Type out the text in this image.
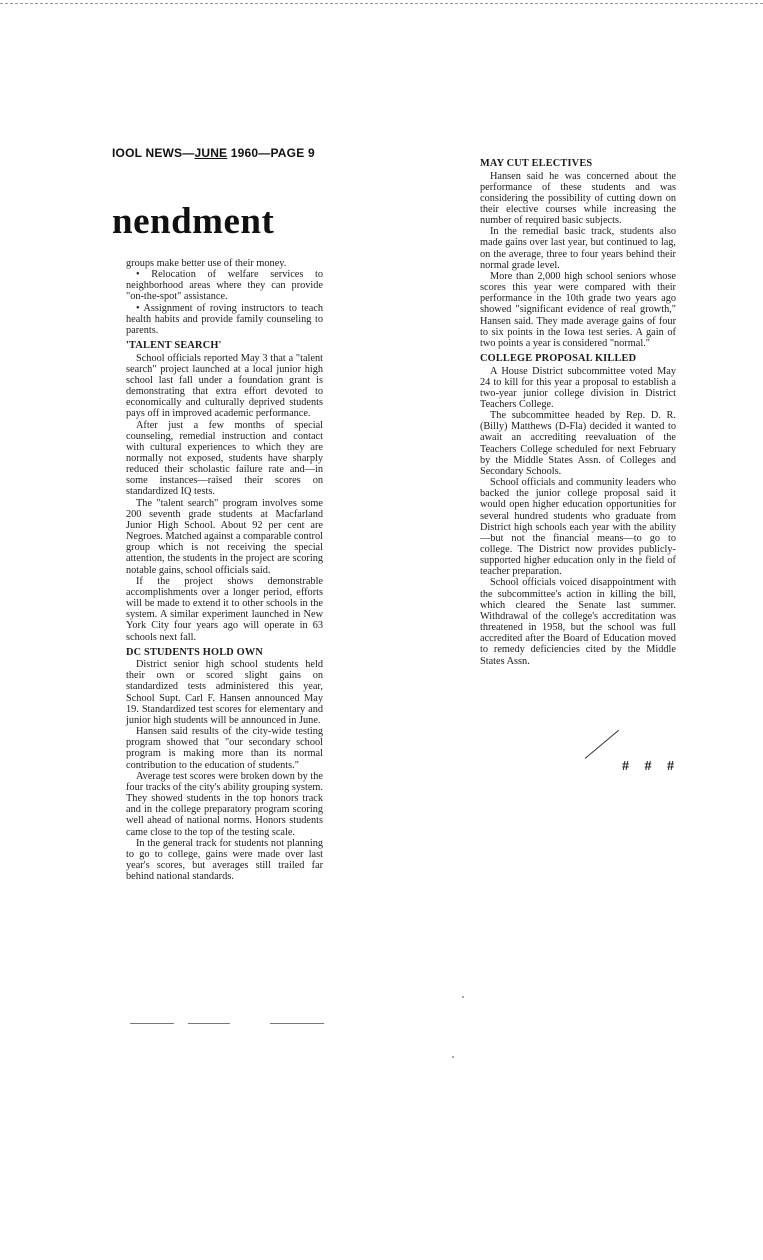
IOOL NEWS—JUNE 1960—PAGE 9
nendment

groups make better use of their money.

• Relocation of welfare services to neighborhood areas where they can provide "on-the-spot" assistance.

• Assignment of roving instructors to teach health habits and provide family counseling to parents.

'TALENT SEARCH'

School officials reported May 3 that a "talent search" project launched at a local junior high school last fall under a foundation grant is demonstrating that extra effort devoted to economically and culturally deprived students pays off in improved academic performance.

After just a few months of special counseling, remedial instruction and contact with cultural experiences to which they are normally not exposed, students have sharply reduced their scholastic failure rate and—in some instances—raised their scores on standardized IQ tests.

The "talent search" program involves some 200 seventh grade students at Macfarland Junior High School. About 92 per cent are Negroes. Matched against a comparable control group which is not receiving the special attention, the students in the project are scoring notable gains, school officials said.

If the project shows demonstrable accomplishments over a longer period, efforts will be made to extend it to other schools in the system. A similar experiment launched in New York City four years ago will operate in 63 schools next fall.

DC STUDENTS HOLD OWN

District senior high school students held their own or scored slight gains on standardized tests administered this year, School Supt. Carl F. Hansen announced May 19. Standardized test scores for elementary and junior high students will be announced in June.

Hansen said results of the city-wide testing program showed that "our secondary school program is making more than its normal contribution to the education of students."

Average test scores were broken down by the four tracks of the city's ability grouping system. They showed students in the top honors track and in the college preparatory program scoring well ahead of national norms. Honors students came close to the top of the testing scale.

In the general track for students not planning to go to college, gains were made over last year's scores, but averages still trailed far behind national standards.

MAY CUT ELECTIVES

Hansen said he was concerned about the performance of these students and was considering the possibility of cutting down on their elective courses while increasing the number of required basic subjects.

In the remedial basic track, students also made gains over last year, but continued to lag, on the average, three to four years behind their normal grade level.

More than 2,000 high school seniors whose scores this year were compared with their performance in the 10th grade two years ago showed "significant evidence of real growth," Hansen said. They made average gains of four to six points in the Iowa test series. A gain of two points a year is considered "normal."

COLLEGE PROPOSAL KILLED

A House District subcommittee voted May 24 to kill for this year a proposal to establish a two-year junior college division in District Teachers College.

The subcommittee headed by Rep. D. R. (Billy) Matthews (D-Fla) decided it wanted to await an accrediting reevaluation of the Teachers College scheduled for next February by the Middle States Assn. of Colleges and Secondary Schools.

School officials and community leaders who backed the junior college proposal said it would open higher education opportunities for several hundred students who graduate from District high schools each year with the ability —but not the financial means—to go to college. The District now provides publicly-supported higher education only in the field of teacher preparation.

School officials voiced disappointment with the subcommittee's action in killing the bill, which cleared the Senate last summer. Withdrawal of the college's accreditation was threatened in 1958, but the school was full accredited after the Board of Education moved to remedy deficiencies cited by the Middle States Assn.

# # #
